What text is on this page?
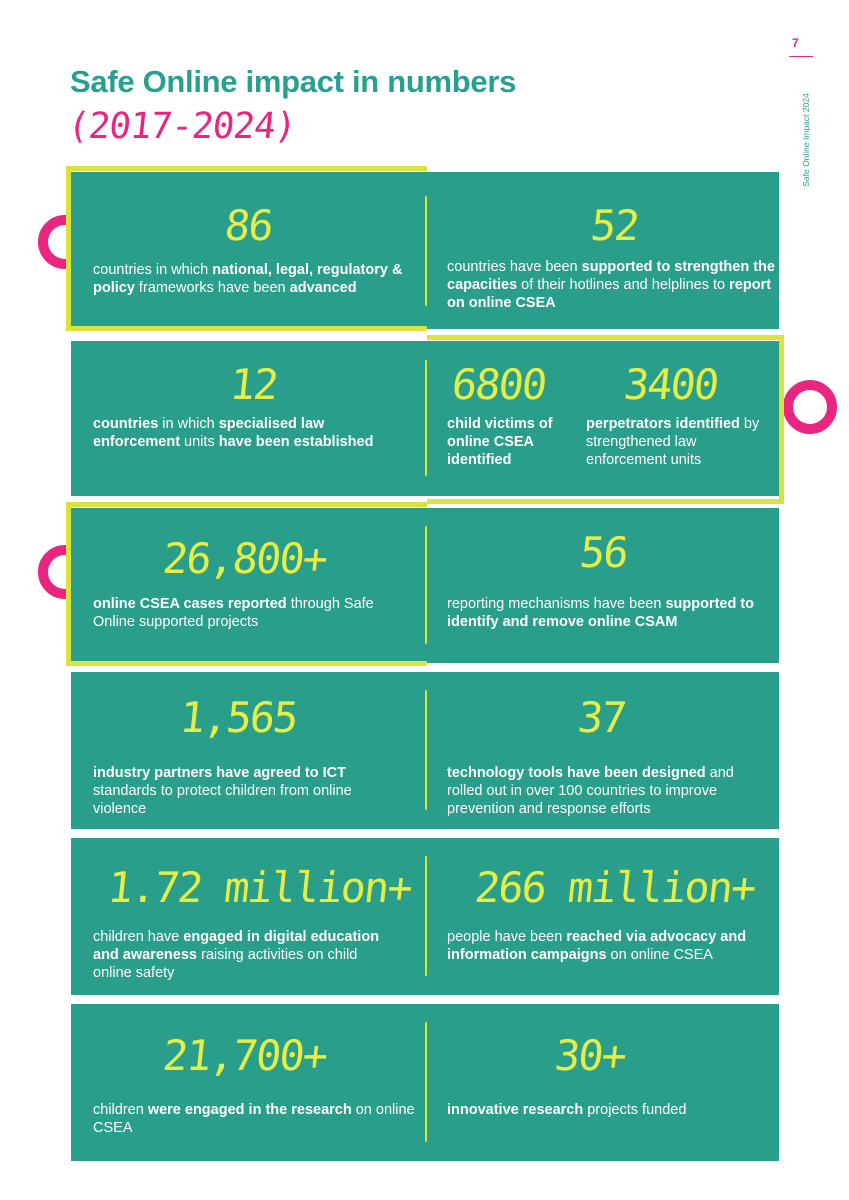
7
Safe Online Impact 2024
Safe Online impact in numbers
(2017-2024)
86
countries in which national, legal, regulatory & policy frameworks have been advanced
52
countries have been supported to strengthen the capacities of their hotlines and helplines to report on online CSEA
12
countries in which specialised law enforcement units have been established
6800
child victims of online CSEA identified
3400
perpetrators identified by strengthened law enforcement units
26,800+
online CSEA cases reported through Safe Online supported projects
56
reporting mechanisms have been supported to identify and remove online CSAM
1,565
industry partners have agreed to ICT standards to protect children from online violence
37
technology tools have been designed and rolled out in over 100 countries to improve prevention and response efforts
1.72 million+
children have engaged in digital education and awareness raising activities on child online safety
266 million+
people have been reached via advocacy and information campaigns on online CSEA
21,700+
children were engaged in the research on online CSEA
30+
innovative research projects funded
